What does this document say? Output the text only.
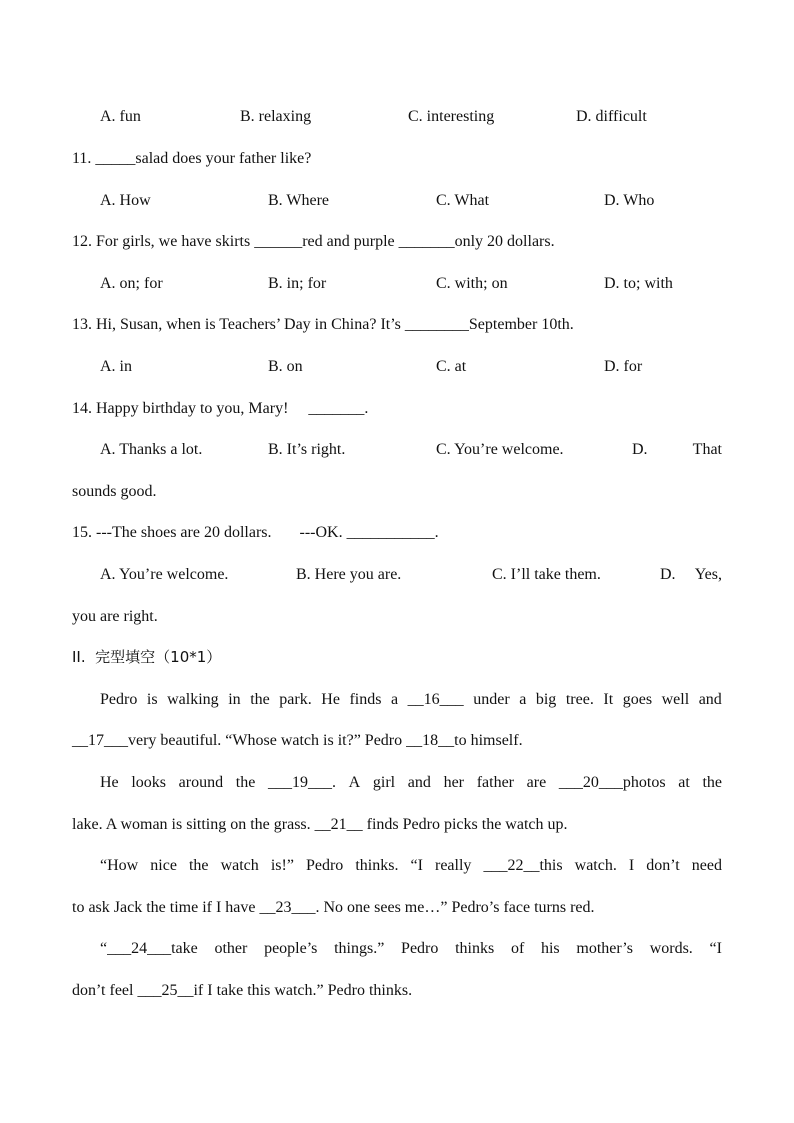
A. fun	B. relaxing	C. interesting	D. difficult
11. _____salad does your father like?
A. How	B. Where	C. What	D. Who
12. For girls, we have skirts ______red and purple _______only 20 dollars.
A. on; for	B. in; for	C. with; on	D. to; with
13. Hi, Susan, when is Teachers’ Day in China? It’s ________September 10th.
A. in	B. on	C. at	D. for
14. Happy birthday to you, Mary!     _______.
A. Thanks a lot.	B. It’s right.	C. You’re welcome.	D.	That
sounds good.
15. ---The shoes are 20 dollars.       ---OK. ___________.
A. You’re welcome.	B. Here you are.	C. I’ll take them.	D. Yes,
you are right.
II.  完型填空（10*1）
Pedro is walking in the park. He finds a __16___ under a big tree. It goes well and
__17___very beautiful. “Whose watch is it?” Pedro __18__to himself.
He looks around the ___19___. A girl and her father are ___20___photos at the
lake. A woman is sitting on the grass. __21__ finds Pedro picks the watch up.
“How nice the watch is!” Pedro thinks. “I really ___22__this watch. I don’t need
to ask Jack the time if I have __23___. No one sees me…” Pedro’s face turns red.
“___24___take other people’s things.” Pedro thinks of his mother’s words. “I
don’t feel ___25__if I take this watch.” Pedro thinks.
